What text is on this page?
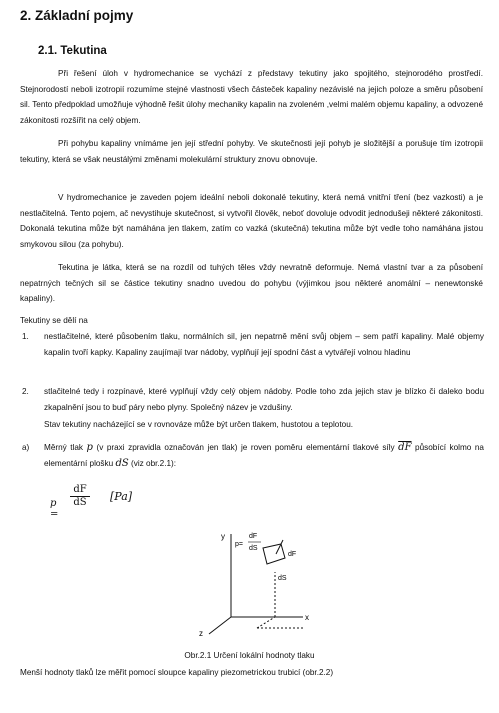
2. Základní pojmy
2.1. Tekutina
Při řešení úloh v hydromechanice se vychází z představy tekutiny jako spojitého, stejnorodého prostředí. Stejnorodostí neboli izotropií rozumíme stejné vlastnosti všech částeček kapaliny nezávislé na jejich poloze a směru působení sil. Tento předpoklad umožňuje výhodně řešit úlohy mechaniky kapalin na zvoleném ,velmi malém objemu kapaliny, a odvozené zákonitosti rozšířit na celý objem.
Při pohybu kapaliny vnímáme jen její střední pohyby. Ve skutečnosti její pohyb je složitější a porušuje tím izotropii tekutiny, která se však neustálými změnami molekulární struktury znovu obnovuje.
V hydromechanice je zaveden pojem ideální neboli dokonalé tekutiny, která nemá vnitřní tření (bez vazkosti) a je nestlačitelná. Tento pojem, ač nevystihuje skutečnost, si vytvořil člověk, neboť dovoluje odvodit jednodušeji některé zákonitosti. Dokonalá tekutina může být namáhána jen tlakem, zatím co vazká (skutečná) tekutina může být vedle toho namáhána jistou smykovou silou (za pohybu).
Tekutina je látka, která se na rozdíl od tuhých těles vždy nevratně deformuje. Nemá vlastní tvar a za působení nepatrných tečných sil se částice tekutiny snadno uvedou do pohybu (výjimkou jsou některé anomální – nenewtonské kapaliny).
Tekutiny se dělí na
1. nestlačitelné, které působením tlaku, normálních sil, jen nepatrně mění svůj objem – sem patří kapaliny. Malé objemy kapalin tvoří kapky. Kapaliny zaujímají tvar nádoby, vyplňují její spodní část a vytvářejí volnou hladinu
2. stlačitelné tedy i rozpínavé, které vyplňují vždy celý objem nádoby. Podle toho zda jejich stav je blízko či daleko bodu zkapalnění jsou to buď páry nebo plyny. Společný název je vzdušiny.
Stav tekutiny nacházející se v rovnováze může být určen tlakem, hustotou a teplotou.
a) Měrný tlak p (v praxi zpravidla označován jen tlak) je roven poměru elementární tlakové síly $\overline{dF}$ působící kolmo na elementární plošku dS (viz obr.2.1):
p =
$\frac{dF}{dS} [Pa]$
y
x
z
p=
dF
dS
dF
dS
Obr.2.1 Určení lokální hodnoty tlaku
Menší hodnoty tlaků lze měřit pomocí sloupce kapaliny piezometrickou trubicí (obr.2.2)
